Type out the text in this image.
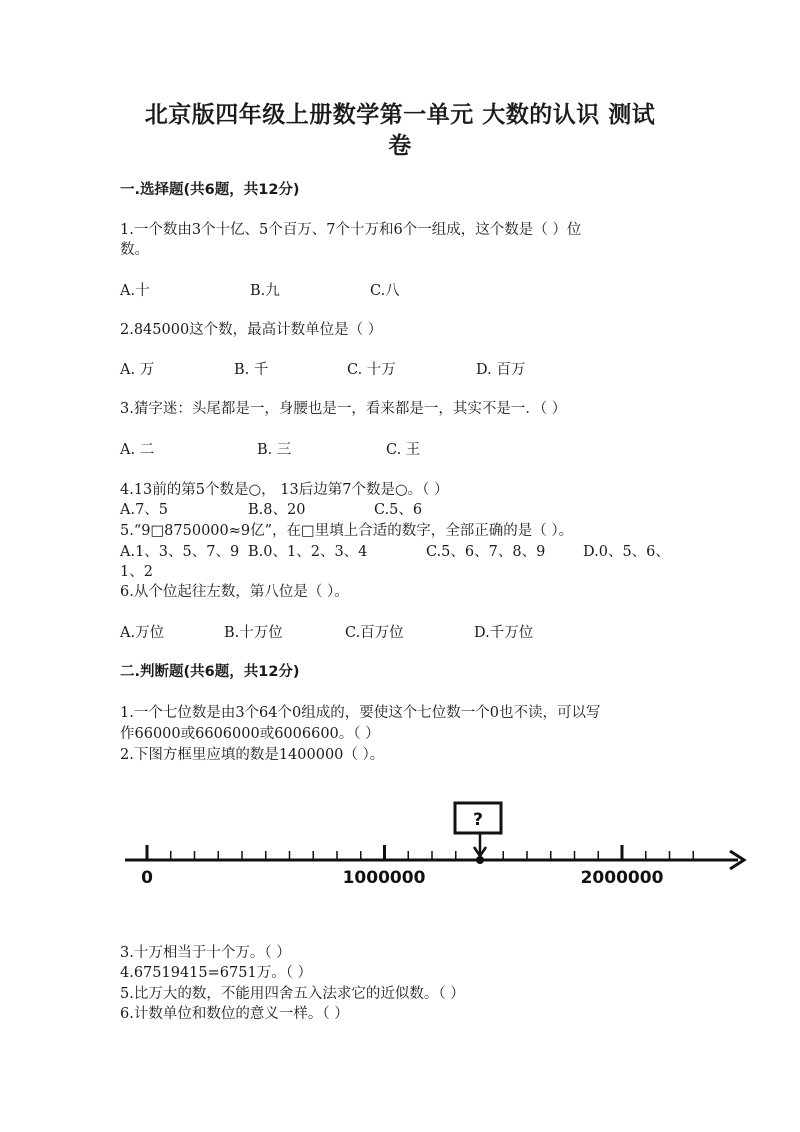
北京版四年级上册数学第一单元 大数的认识 测试
卷
一.选择题(共6题，共12分)
1.一个数由3个十亿、5个百万、7个十万和6个一组成，这个数是（ ）位
数。
A.十	B.九	C.八
2.845000这个数，最高计数单位是（ ）
A. 万	B. 千	C. 十万	D. 百万
3.猜字迷：头尾都是一，身腰也是一，看来都是一，其实不是一．（ ）
A. 二	B. 三	C. 王
4.13前的第5个数是○， 13后边第7个数是○。（ ）
A.7、5	B.8、20	C.5、6
5.“9□8750000≈9亿”，在□里填上合适的数字，全部正确的是（ ）。
A.1、3、5、7、9 B.0、1、2、3、4	C.5、6、7、8、9	D.0、5、6、
1、2
6.从个位起往左数，第八位是（ ）。
A.万位	B.十万位	C.百万位	D.千万位
二.判断题(共6题，共12分)
1.一个七位数是由3个64个0组成的，要使这个七位数一个0也不读，可以写
作66000或6606000或6006600。（ ）
2.下图方框里应填的数是1400000（ ）。
?
0	1000000	2000000
3.十万相当于十个万。（ ）
4.67519415=6751万。（ ）
5.比万大的数，不能用四舍五入法求它的近似数。（ ）
6.计数单位和数位的意义一样。（ ）
